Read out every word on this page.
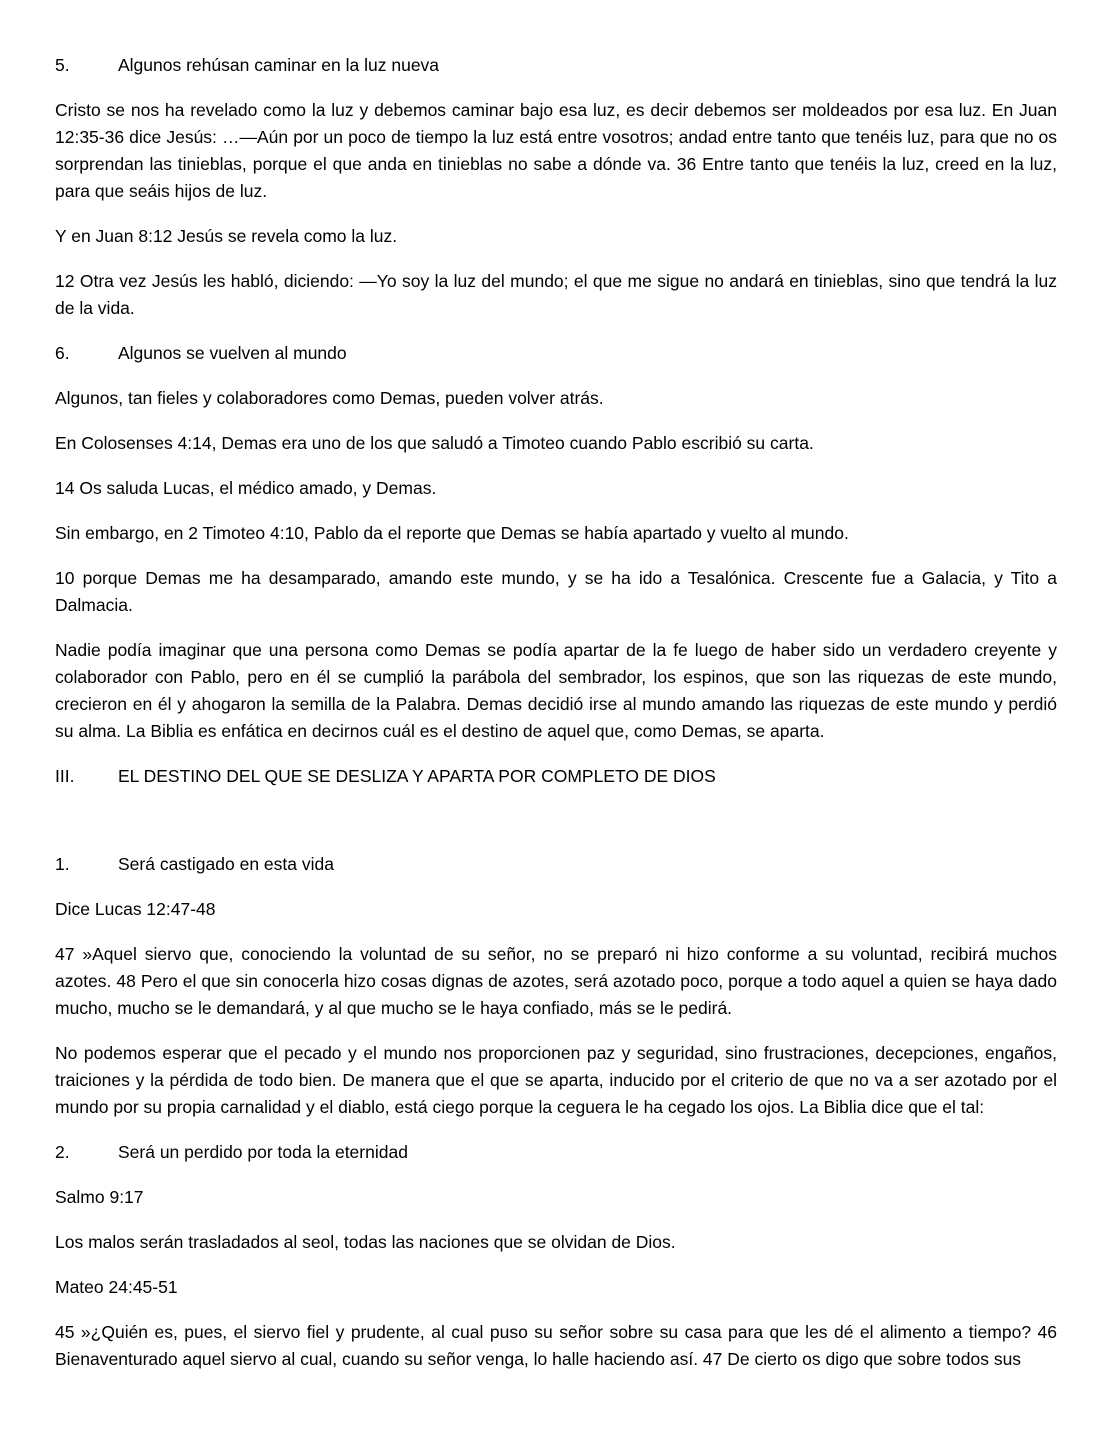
5.	Algunos rehúsan caminar en la luz nueva

Cristo se nos ha revelado como la luz y debemos caminar bajo esa luz, es decir debemos ser moldeados por esa luz. En Juan 12:35-36 dice Jesús: …—Aún por un poco de tiempo la luz está entre vosotros; andad entre tanto que tenéis luz, para que no os sorprendan las tinieblas, porque el que anda en tinieblas no sabe a dónde va. 36 Entre tanto que tenéis la luz, creed en la luz, para que seáis hijos de luz.

Y en Juan 8:12 Jesús se revela como la luz.

12 Otra vez Jesús les habló, diciendo: —Yo soy la luz del mundo; el que me sigue no andará en tinieblas, sino que tendrá la luz de la vida.

6.	Algunos se vuelven al mundo

Algunos, tan fieles y colaboradores como Demas, pueden volver atrás.

En Colosenses 4:14, Demas era uno de los que saludó a Timoteo cuando Pablo escribió su carta.

14 Os saluda Lucas, el médico amado, y Demas.

Sin embargo, en 2 Timoteo 4:10, Pablo da el reporte que Demas se había apartado y vuelto al mundo.

10 porque Demas me ha desamparado, amando este mundo, y se ha ido a Tesalónica. Crescente fue a Galacia, y Tito a Dalmacia.

Nadie podía imaginar que una persona como Demas se podía apartar de la fe luego de haber sido un verdadero creyente y colaborador con Pablo, pero en él se cumplió la parábola del sembrador, los espinos, que son las riquezas de este mundo, crecieron en él y ahogaron la semilla de la Palabra. Demas decidió irse al mundo amando las riquezas de este mundo y perdió su alma. La Biblia es enfática en decirnos cuál es el destino de aquel que, como Demas, se aparta.

III. EL DESTINO DEL QUE SE DESLIZA Y APARTA POR COMPLETO DE DIOS
1.	Será castigado en esta vida

Dice Lucas 12:47-48

47 »Aquel siervo que, conociendo la voluntad de su señor, no se preparó ni hizo conforme a su voluntad, recibirá muchos azotes. 48 Pero el que sin conocerla hizo cosas dignas de azotes, será azotado poco, porque a todo aquel a quien se haya dado mucho, mucho se le demandará, y al que mucho se le haya confiado, más se le pedirá.

No podemos esperar que el pecado y el mundo nos proporcionen paz y seguridad, sino frustraciones, decepciones, engaños, traiciones y la pérdida de todo bien. De manera que el que se aparta, inducido por el criterio de que no va a ser azotado por el mundo por su propia carnalidad y el diablo, está ciego porque la ceguera le ha cegado los ojos. La Biblia dice que el tal:

2.	Será un perdido por toda la eternidad

Salmo 9:17

Los malos serán trasladados al seol, todas las naciones que se olvidan de Dios.

Mateo 24:45-51

45 »¿Quién es, pues, el siervo fiel y prudente, al cual puso su señor sobre su casa para que les dé el alimento a tiempo? 46 Bienaventurado aquel siervo al cual, cuando su señor venga, lo halle haciendo así. 47 De cierto os digo que sobre todos sus
